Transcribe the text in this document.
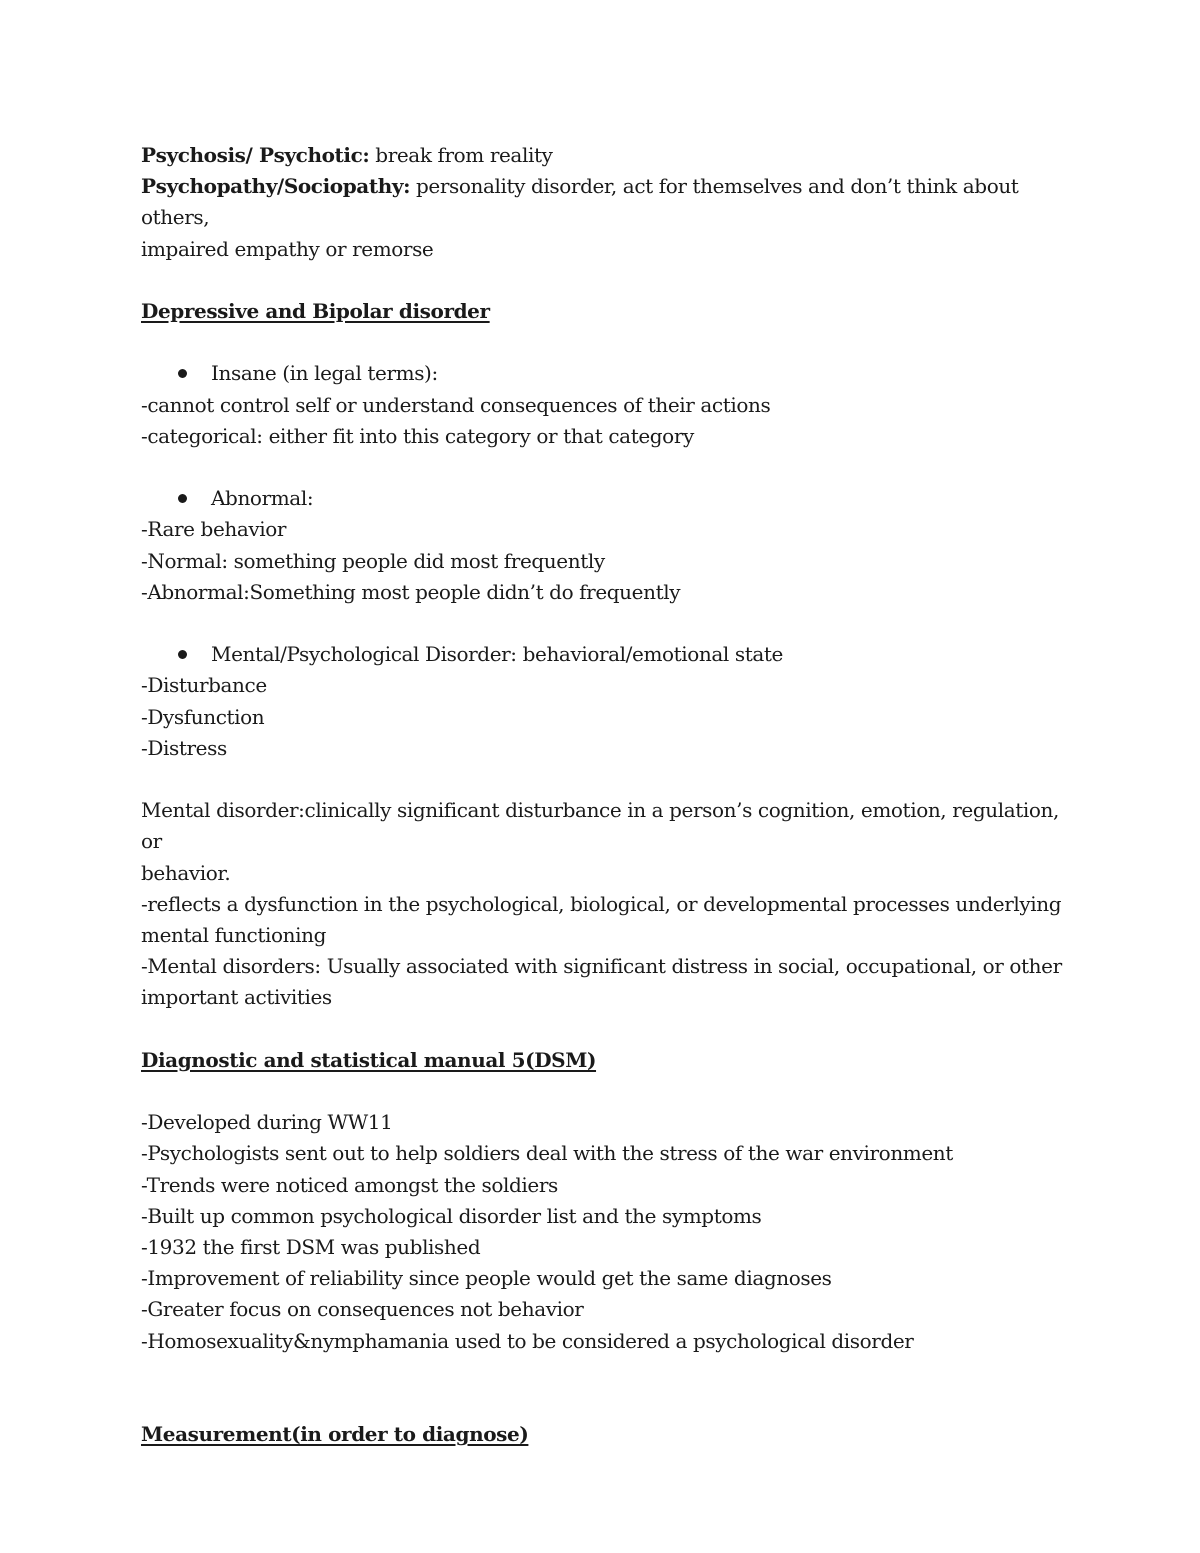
Psychosis/ Psychotic: break from reality

Psychopathy/Sociopathy: personality disorder, act for themselves and don’t think about others,

impaired empathy or remorse

Depressive and Bipolar disorder

Insane (in legal terms):

-cannot control self or understand consequences of their actions

-categorical: either fit into this category or that category

Abnormal:

-Rare behavior

-Normal: something people did most frequently

-Abnormal:Something most people didn’t do frequently

Mental/Psychological Disorder: behavioral/emotional state

-Disturbance

-Dysfunction

-Distress

Mental disorder:clinically significant disturbance in a person’s cognition, emotion, regulation, or

behavior.

-reflects a dysfunction in the psychological, biological, or developmental processes underlying

mental functioning

-Mental disorders: Usually associated with significant distress in social, occupational, or other

important activities

Diagnostic and statistical manual 5(DSM)

-Developed during WW11

-Psychologists sent out to help soldiers deal with the stress of the war environment

-Trends were noticed amongst the soldiers

-Built up common psychological disorder list and the symptoms

-1932 the first DSM was published

-Improvement of reliability since people would get the same diagnoses

-Greater focus on consequences not behavior

-Homosexuality&nymphamania used to be considered a psychological disorder

Measurement(in order to diagnose)
